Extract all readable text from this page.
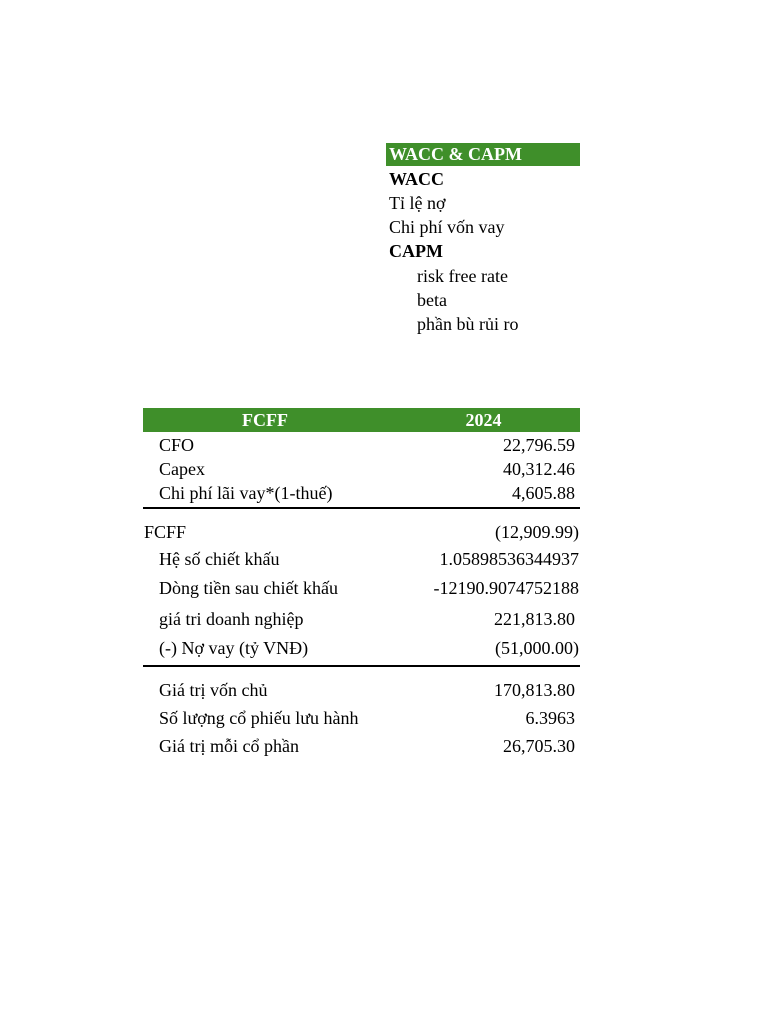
WACC & CAPM
WACC
Tỉ lệ nợ
Chi phí vốn vay
CAPM
risk free rate
beta
phần bù rủi ro
FCFF	2024
CFO	22,796.59
Capex	40,312.46
Chi phí lãi vay*(1-thuế)	4,605.88
FCFF	(12,909.99)
Hệ số chiết khấu	1.05898536344937
Dòng tiền sau chiết khấu	-12190.9074752188
giá tri doanh nghiệp	221,813.80
(-) Nợ vay (tỷ VNĐ)	(51,000.00)
Giá trị vốn chủ	170,813.80
Số lượng cổ phiếu lưu hành	6.3963
Giá trị mỗi cổ phần	26,705.30
